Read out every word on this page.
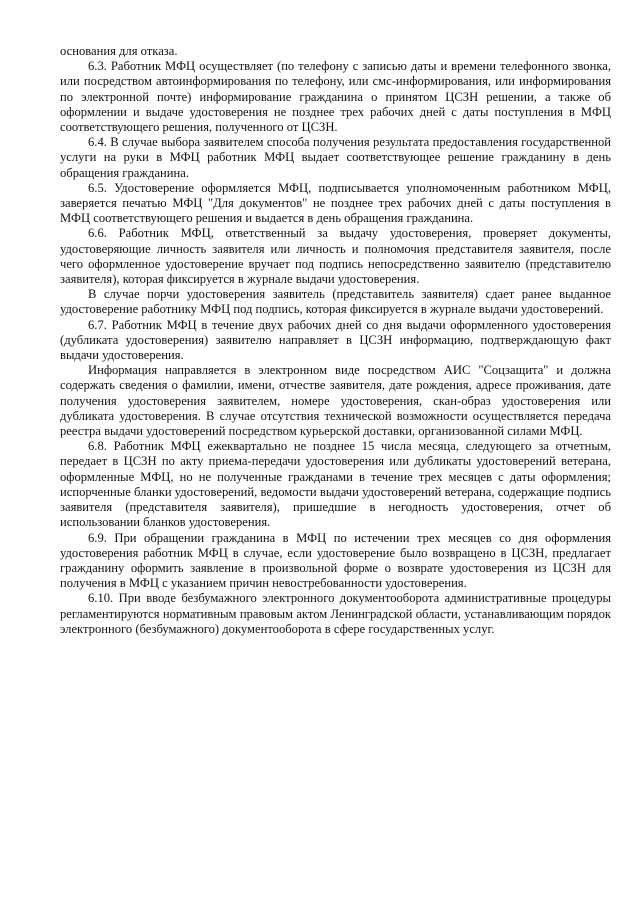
основания для отказа.

6.3. Работник МФЦ осуществляет (по телефону с записью даты и времени телефонного звонка, или посредством автоинформирования по телефону, или смс-информирования, или информирования по электронной почте) информирование гражданина о принятом ЦСЗН решении, а также об оформлении и выдаче удостоверения не позднее трех рабочих дней с даты поступления в МФЦ соответствующего решения, полученного от ЦСЗН.

6.4. В случае выбора заявителем способа получения результата предоставления государственной услуги на руки в МФЦ работник МФЦ выдает соответствующее решение гражданину в день обращения гражданина.

6.5. Удостоверение оформляется МФЦ, подписывается уполномоченным работником МФЦ, заверяется печатью МФЦ "Для документов" не позднее трех рабочих дней с даты поступления в МФЦ соответствующего решения и выдается в день обращения гражданина.

6.6. Работник МФЦ, ответственный за выдачу удостоверения, проверяет документы, удостоверяющие личность заявителя или личность и полномочия представителя заявителя, после чего оформленное удостоверение вручает под подпись непосредственно заявителю (представителю заявителя), которая фиксируется в журнале выдачи удостоверения.

В случае порчи удостоверения заявитель (представитель заявителя) сдает ранее выданное удостоверение работнику МФЦ под подпись, которая фиксируется в журнале выдачи удостоверений.

6.7. Работник МФЦ в течение двух рабочих дней со дня выдачи оформленного удостоверения (дубликата удостоверения) заявителю направляет в ЦСЗН информацию, подтверждающую факт выдачи удостоверения.

Информация направляется в электронном виде посредством АИС "Соцзащита" и должна содержать сведения о фамилии, имени, отчестве заявителя, дате рождения, адресе проживания, дате получения удостоверения заявителем, номере удостоверения, скан-образ удостоверения или дубликата удостоверения. В случае отсутствия технической возможности осуществляется передача реестра выдачи удостоверений посредством курьерской доставки, организованной силами МФЦ.

6.8. Работник МФЦ ежеквартально не позднее 15 числа месяца, следующего за отчетным, передает в ЦСЗН по акту приема-передачи удостоверения или дубликаты удостоверений ветерана, оформленные МФЦ, но не полученные гражданами в течение трех месяцев с даты оформления; испорченные бланки удостоверений, ведомости выдачи удостоверений ветерана, содержащие подпись заявителя (представителя заявителя), пришедшие в негодность удостоверения, отчет об использовании бланков удостоверения.

6.9. При обращении гражданина в МФЦ по истечении трех месяцев со дня оформления удостоверения работник МФЦ в случае, если удостоверение было возвращено в ЦСЗН, предлагает гражданину оформить заявление в произвольной форме о возврате удостоверения из ЦСЗН для получения в МФЦ с указанием причин невостребованности удостоверения.

6.10. При вводе безбумажного электронного документооборота административные процедуры регламентируются нормативным правовым актом Ленинградской области, устанавливающим порядок электронного (безбумажного) документооборота в сфере государственных услуг.
